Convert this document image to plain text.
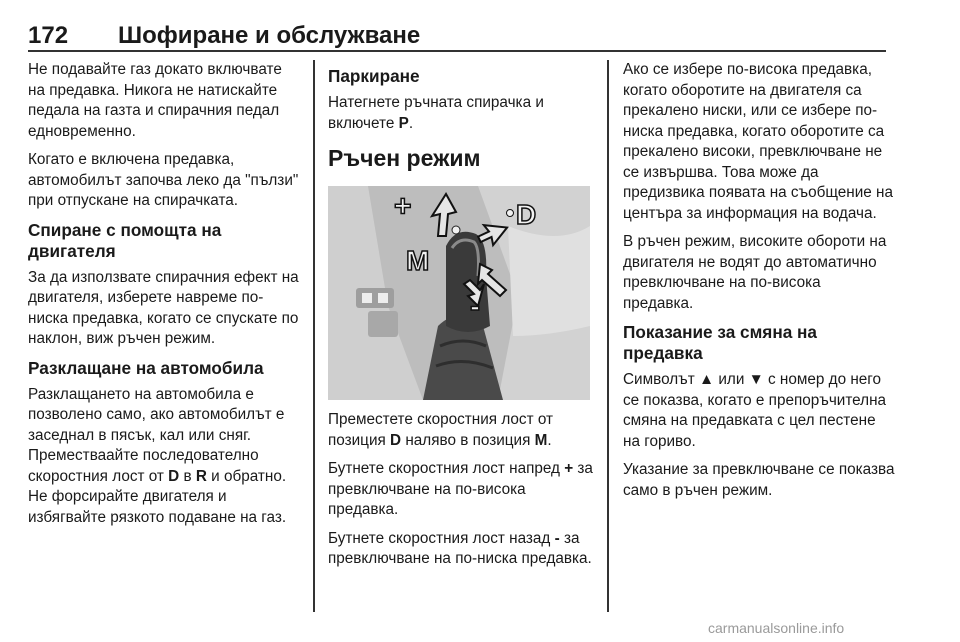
172 Шофиране и обслужване

Не подавайте газ докато включвате на предавка. Никога не натискайте педала на газта и спирачния педал едновременно.

Когато е включена предавка, автомобилът започва леко да "пълзи" при отпускане на спирачката.

Спиране с помощта на двигателя

За да използвате спирачния ефект на двигателя, изберете навреме по-ниска предавка, когато се спускате по наклон, виж ръчен режим.

Разклащане на автомобила

Разклащането на автомобила е позволено само, ако автомобилът е заседнал в пясък, кал или сняг. Преместваайте последователно скоростния лост от D в R и обратно. Не форсирайте двигателя и избягвайте рязкото подаване на газ.

Паркиране

Натегнете ръчната спирачка и включете P.

Ръчен режим
+	D
M
-

Преместете скоростния лост от позиция D наляво в позиция M.

Бутнете скоростния лост напред + за превключване на по-висока предавка.

Бутнете скоростния лост назад - за превключване на по-ниска предавка.

Ако се избере по-висока предавка, когато оборотите на двигателя са прекалено ниски, или се избере по-ниска предавка, когато оборотите са прекалено високи, превключване не се извършва. Това може да предизвика появата на съобщение на центъра за информация на водача.

В ръчен режим, високите обороти на двигателя не водят до автоматично превключване на по-висока предавка.

Показание за смяна на предавка

Символът ▲ или ▼ с номер до него се показва, когато е препоръчителна смяна на предавката с цел пестене на гориво.

Указание за превключване се показва само в ръчен режим.

carmanualsonline.info
